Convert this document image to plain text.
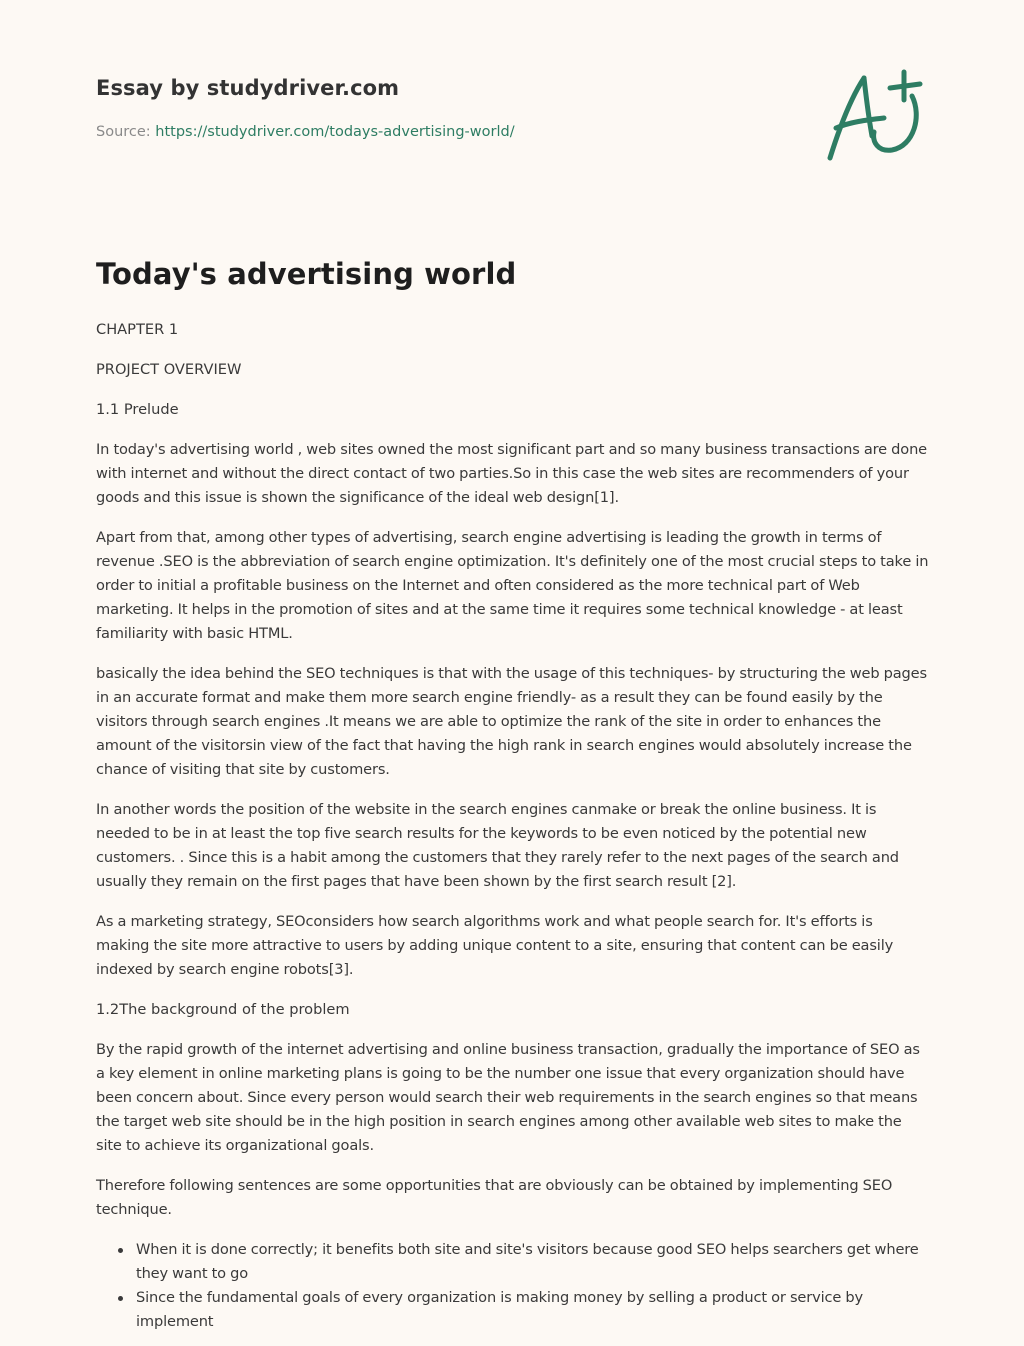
Essay by studydriver.com
Source: https://studydriver.com/todays-advertising-world/
Today's advertising world

CHAPTER 1

PROJECT OVERVIEW

1.1 Prelude

In today's advertising world , web sites owned the most significant part and so many business transactions are done with internet and without the direct contact of two parties.So in this case the web sites are recommenders of your goods and this issue is shown the significance of the ideal web design[1].

Apart from that, among other types of advertising, search engine advertising is leading the growth in terms of revenue .SEO is the abbreviation of search engine optimization. It's definitely one of the most crucial steps to take in order to initial a profitable business on the Internet and often considered as the more technical part of Web marketing. It helps in the promotion of sites and at the same time it requires some technical knowledge - at least familiarity with basic HTML.

basically the idea behind the SEO techniques is that with the usage of this techniques- by structuring the web pages in an accurate format and make them more search engine friendly- as a result they can be found easily by the visitors through search engines .It means we are able to optimize the rank of the site in order to enhances the amount of the visitorsin view of the fact that having the high rank in search engines would absolutely increase the chance of visiting that site by customers.

In another words the position of the website in the search engines canmake or break the online business. It is needed to be in at least the top five search results for the keywords to be even noticed by the potential new customers. . Since this is a habit among the customers that they rarely refer to the next pages of the search and usually they remain on the first pages that have been shown by the first search result [2].

As a marketing strategy, SEOconsiders how search algorithms work and what people search for. It's efforts is making the site more attractive to users by adding unique content to a site, ensuring that content can be easily indexed by search engine robots[3].

1.2The background of the problem

By the rapid growth of the internet advertising and online business transaction, gradually the importance of SEO as a key element in online marketing plans is going to be the number one issue that every organization should have been concern about. Since every person would search their web requirements in the search engines so that means the target web site should be in the high position in search engines among other available web sites to make the site to achieve its organizational goals.

Therefore following sentences are some opportunities that are obviously can be obtained by implementing SEO technique.

When it is done correctly; it benefits both site and site's visitors because good SEO helps searchers get where they want to go
Since the fundamental goals of every organization is making money by selling a product or service by implement
